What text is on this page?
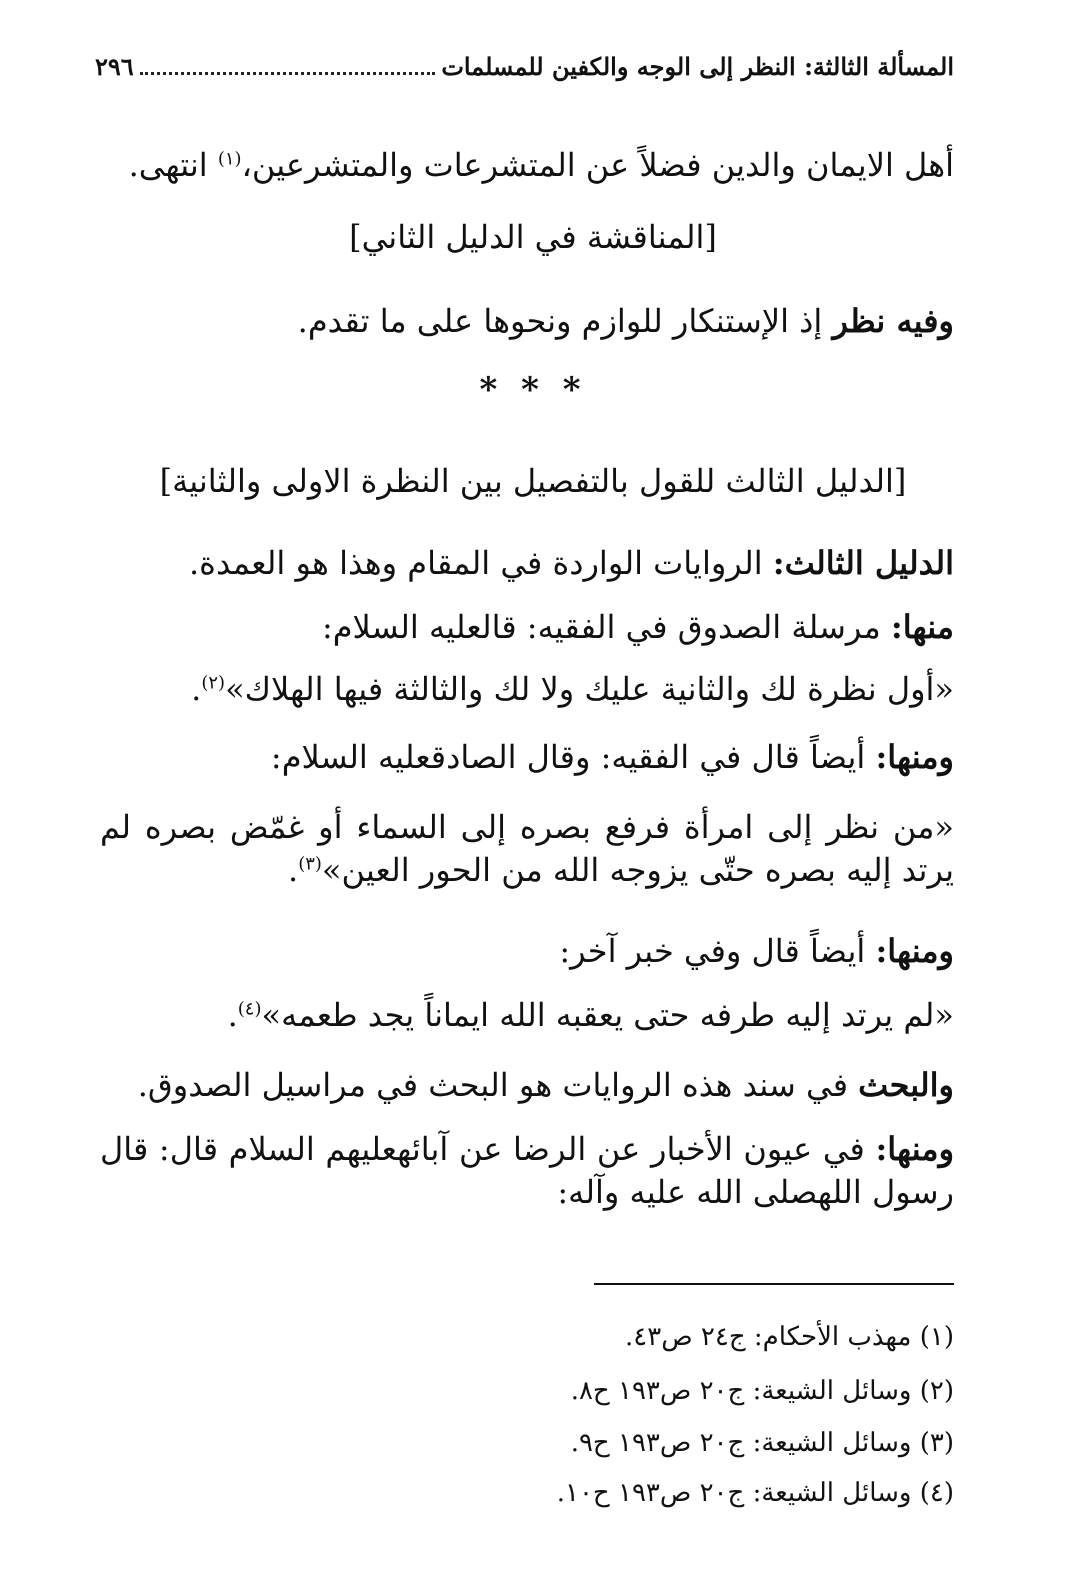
المسألة الثالثة: النظر إلى الوجه والكفين للمسلمات
٢٩٦
أهل الايمان والدين فضلاً عن المتشرعات والمتشرعين،$^{(١)}$ انتهى.
[المناقشة في الدليل الثاني]
وفيه نظر إذ الإستنكار للوازم ونحوها على ما تقدم.
* * *
[الدليل الثالث للقول بالتفصيل بين النظرة الاولى والثانية]
الدليل الثالث: الروايات الواردة في المقام وهذا هو العمدة.
منها: مرسلة الصدوق في الفقيه: قالعليه السلام:
«أول نظرة لك والثانية عليك ولا لك والثالثة فيها الهلاك»$^{(٢)}$.
ومنها: أيضاً قال في الفقيه: وقال الصادقعليه السلام:
«من نظر إلى امرأة فرفع بصره إلى السماء أو غمّض بصره لم يرتد إليه بصره حتّى يزوجه الله من الحور العين»$^{(٣)}$.
ومنها: أيضاً قال وفي خبر آخر:
«لم يرتد إليه طرفه حتى يعقبه الله ايماناً يجد طعمه»$^{(٤)}$.
والبحث في سند هذه الروايات هو البحث في مراسيل الصدوق.
ومنها: في عيون الأخبار عن الرضا عن آبائهعليهم السلام قال: قال رسول اللهصلى الله عليه وآله:
(١) مهذب الأحكام: ج٢٤ ص٤٣.
(٢) وسائل الشيعة: ج٢٠ ص١٩٣ ح٨.
(٣) وسائل الشيعة: ج٢٠ ص١٩٣ ح٩.
(٤) وسائل الشيعة: ج٢٠ ص١٩٣ ح١٠.
